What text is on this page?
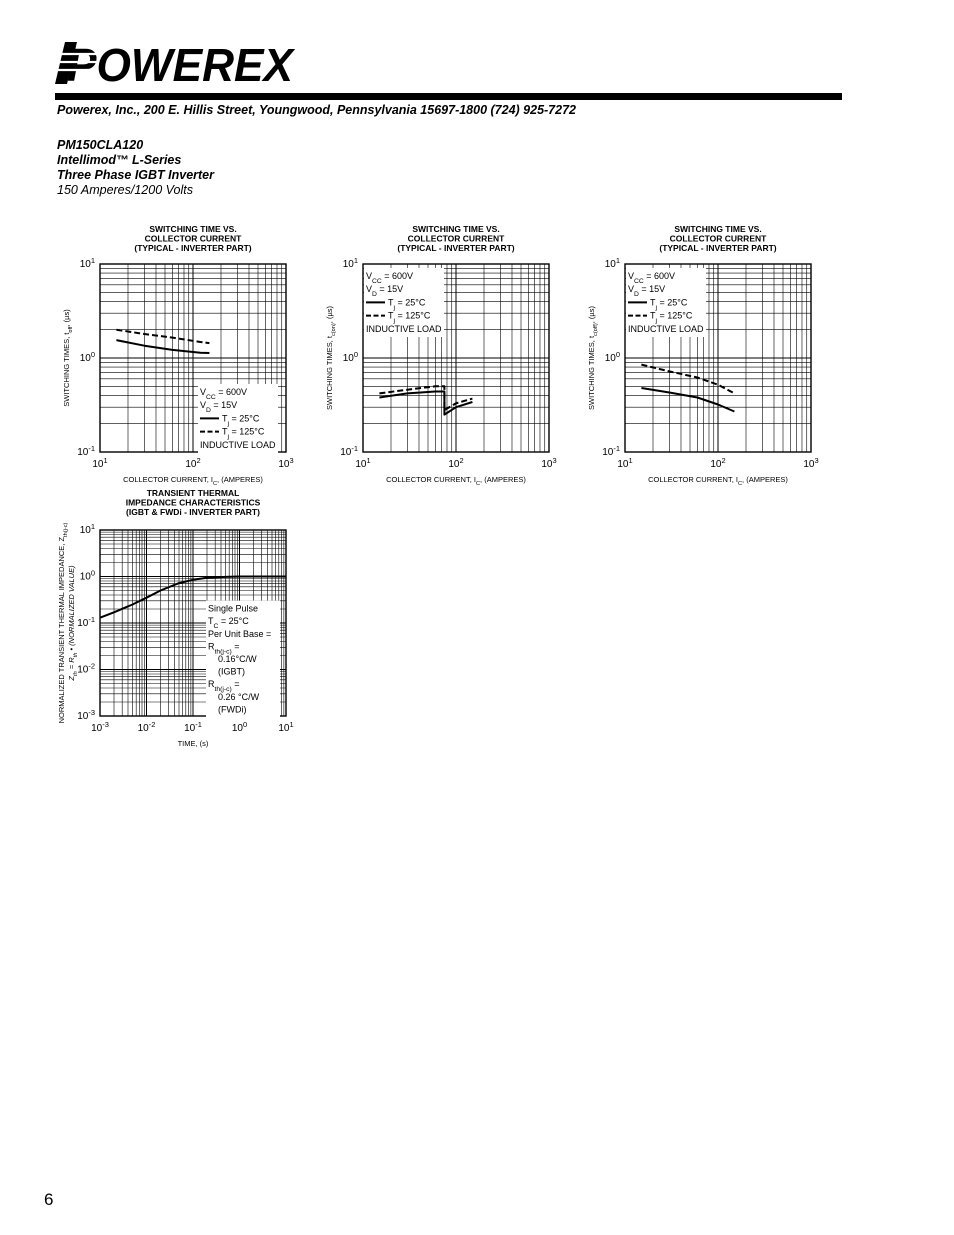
POWEREX
Powerex, Inc., 200 E. Hillis Street, Youngwood, Pennsylvania 15697-1800 (724) 925-7272
PM150CLA120
Intellimod™ L-Series
Three Phase IGBT Inverter
150 Amperes/1200 Volts
SWITCHING TIME VS.
COLLECTOR CURRENT
(TYPICAL - INVERTER PART)
$V_{CC} = 600V$
$V_D = 15V$
$T_j = 25^\circ C$
$T_j = 125^\circ C$
INDUCTIVE LOAD
$10^1$	$10^2$	$10^3$
$10^{-1}$
$10^0$
$10^1$
COLLECTOR CURRENT, $I_C$, (AMPERES)
SWITCHING TIMES, $t_{off}$, (µs)
SWITCHING TIME VS.
COLLECTOR CURRENT
(TYPICAL - INVERTER PART)
$V_{CC} = 600V$
$V_D = 15V$
$T_j = 25^\circ C$
$T_j = 125^\circ C$
INDUCTIVE LOAD
$10^1$	$10^2$	$10^3$
$10^{-1}$
$10^0$
$10^1$
COLLECTOR CURRENT, $I_C$, (AMPERES)
SWITCHING TIMES, $t_{c(on)}$, (µs)
SWITCHING TIME VS.
COLLECTOR CURRENT
(TYPICAL - INVERTER PART)
$V_{CC} = 600V$
$V_D = 15V$
$T_j = 25^\circ C$
$T_j = 125^\circ C$
INDUCTIVE LOAD
$10^1$	$10^2$	$10^3$
$10^{-1}$
$10^0$
$10^1$
COLLECTOR CURRENT, $I_C$, (AMPERES)
SWITCHING TIMES, $t_{c(off)}$, (µs)
TRANSIENT THERMAL
IMPEDANCE CHARACTERISTICS
(IGBT & FWDi - INVERTER PART)
Single Pulse
$T_C = 25^\circ C$
Per Unit Base =
$R_{th(j-c)}$ =
0.16°C/W
(IGBT)
$R_{th(j-c)}$ =
0.26 °C/W
(FWDi)
$10^{-3}$	$10^{-2}$	$10^{-1}$	$10^0$	$10^1$
$10^{-3}$
$10^{-2}$
$10^{-1}$
$10^0$
$10^1$
TIME, (s)
NORMALIZED TRANSIENT THERMAL IMPEDANCE, $Z_{th(j-c)}$
$Z_{th} = R_{th}$ • (NORMALIZED VALUE)
6
